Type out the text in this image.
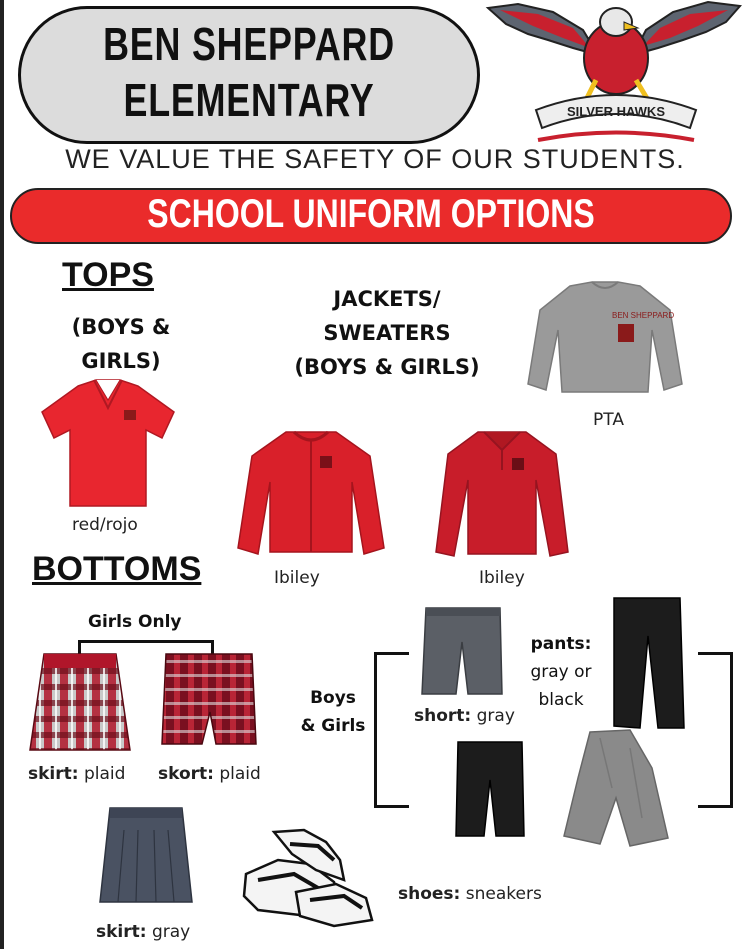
BEN SHEPPARD
ELEMENTARY	SILVER HAWKS
WE VALUE THE SAFETY OF OUR STUDENTS.
SCHOOL UNIFORM OPTIONS
TOPS
(BOYS &
GIRLS)
red/rojo
JACKETS/
SWEATERS
(BOYS & GIRLS)
BEN SHEPPARD
PTA
Ibiley	Ibiley
BOTTOMS
Girls Only
skirt: plaid skort: plaid
Boys
& Girls	short: gray
pants:
gray or
black
skirt: gray
shoes: sneakers
